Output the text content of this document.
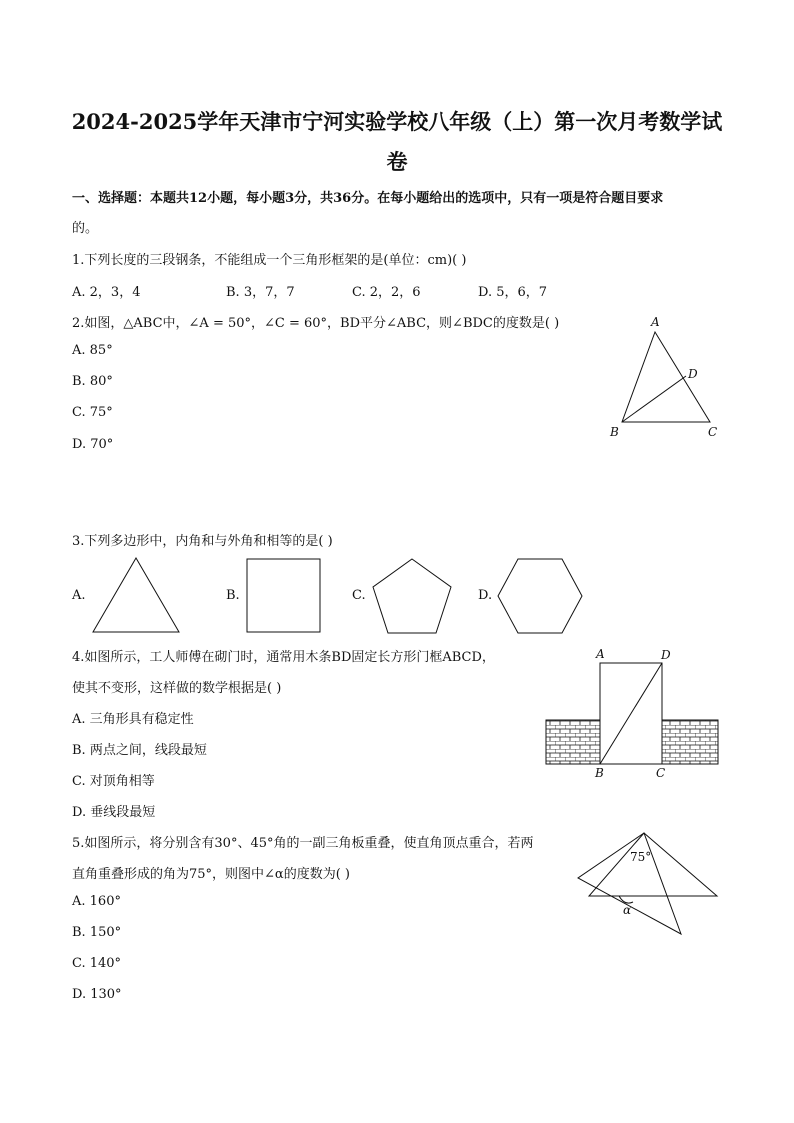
2024-2025学年天津市宁河实验学校八年级（上）第一次月考数学试
卷
一、选择题：本题共12小题，每小题3分，共36分。在每小题给出的选项中，只有一项是符合题目要求
的。
1.下列长度的三段钢条，不能组成一个三角形框架的是(单位：cm)( )
A. 2，3，4	B. 3，7，7	C. 2，2，6	D. 5，6，7
2.如图，△ABC中，∠A = 50°，∠C = 60°，BD平分∠ABC，则∠BDC的度数是( )
A. 85°
B. 80°
C. 75°
D. 70°
A
B	C
D
3.下列多边形中，内角和与外角和相等的是( )
A.	B.	C.	D.
4.如图所示，工人师傅在砌门时，通常用木条BD固定长方形门框ABCD，
使其不变形，这样做的数学根据是( )
A. 三角形具有稳定性
B. 两点之间，线段最短
C. 对顶角相等
D. 垂线段最短
A	D
B	C
5.如图所示，将分别含有30°、45°角的一副三角板重叠，使直角顶点重合，若两
直角重叠形成的角为75°，则图中∠α的度数为( )
A. 160°
B. 150°
C. 140°
D. 130°
75°
α
